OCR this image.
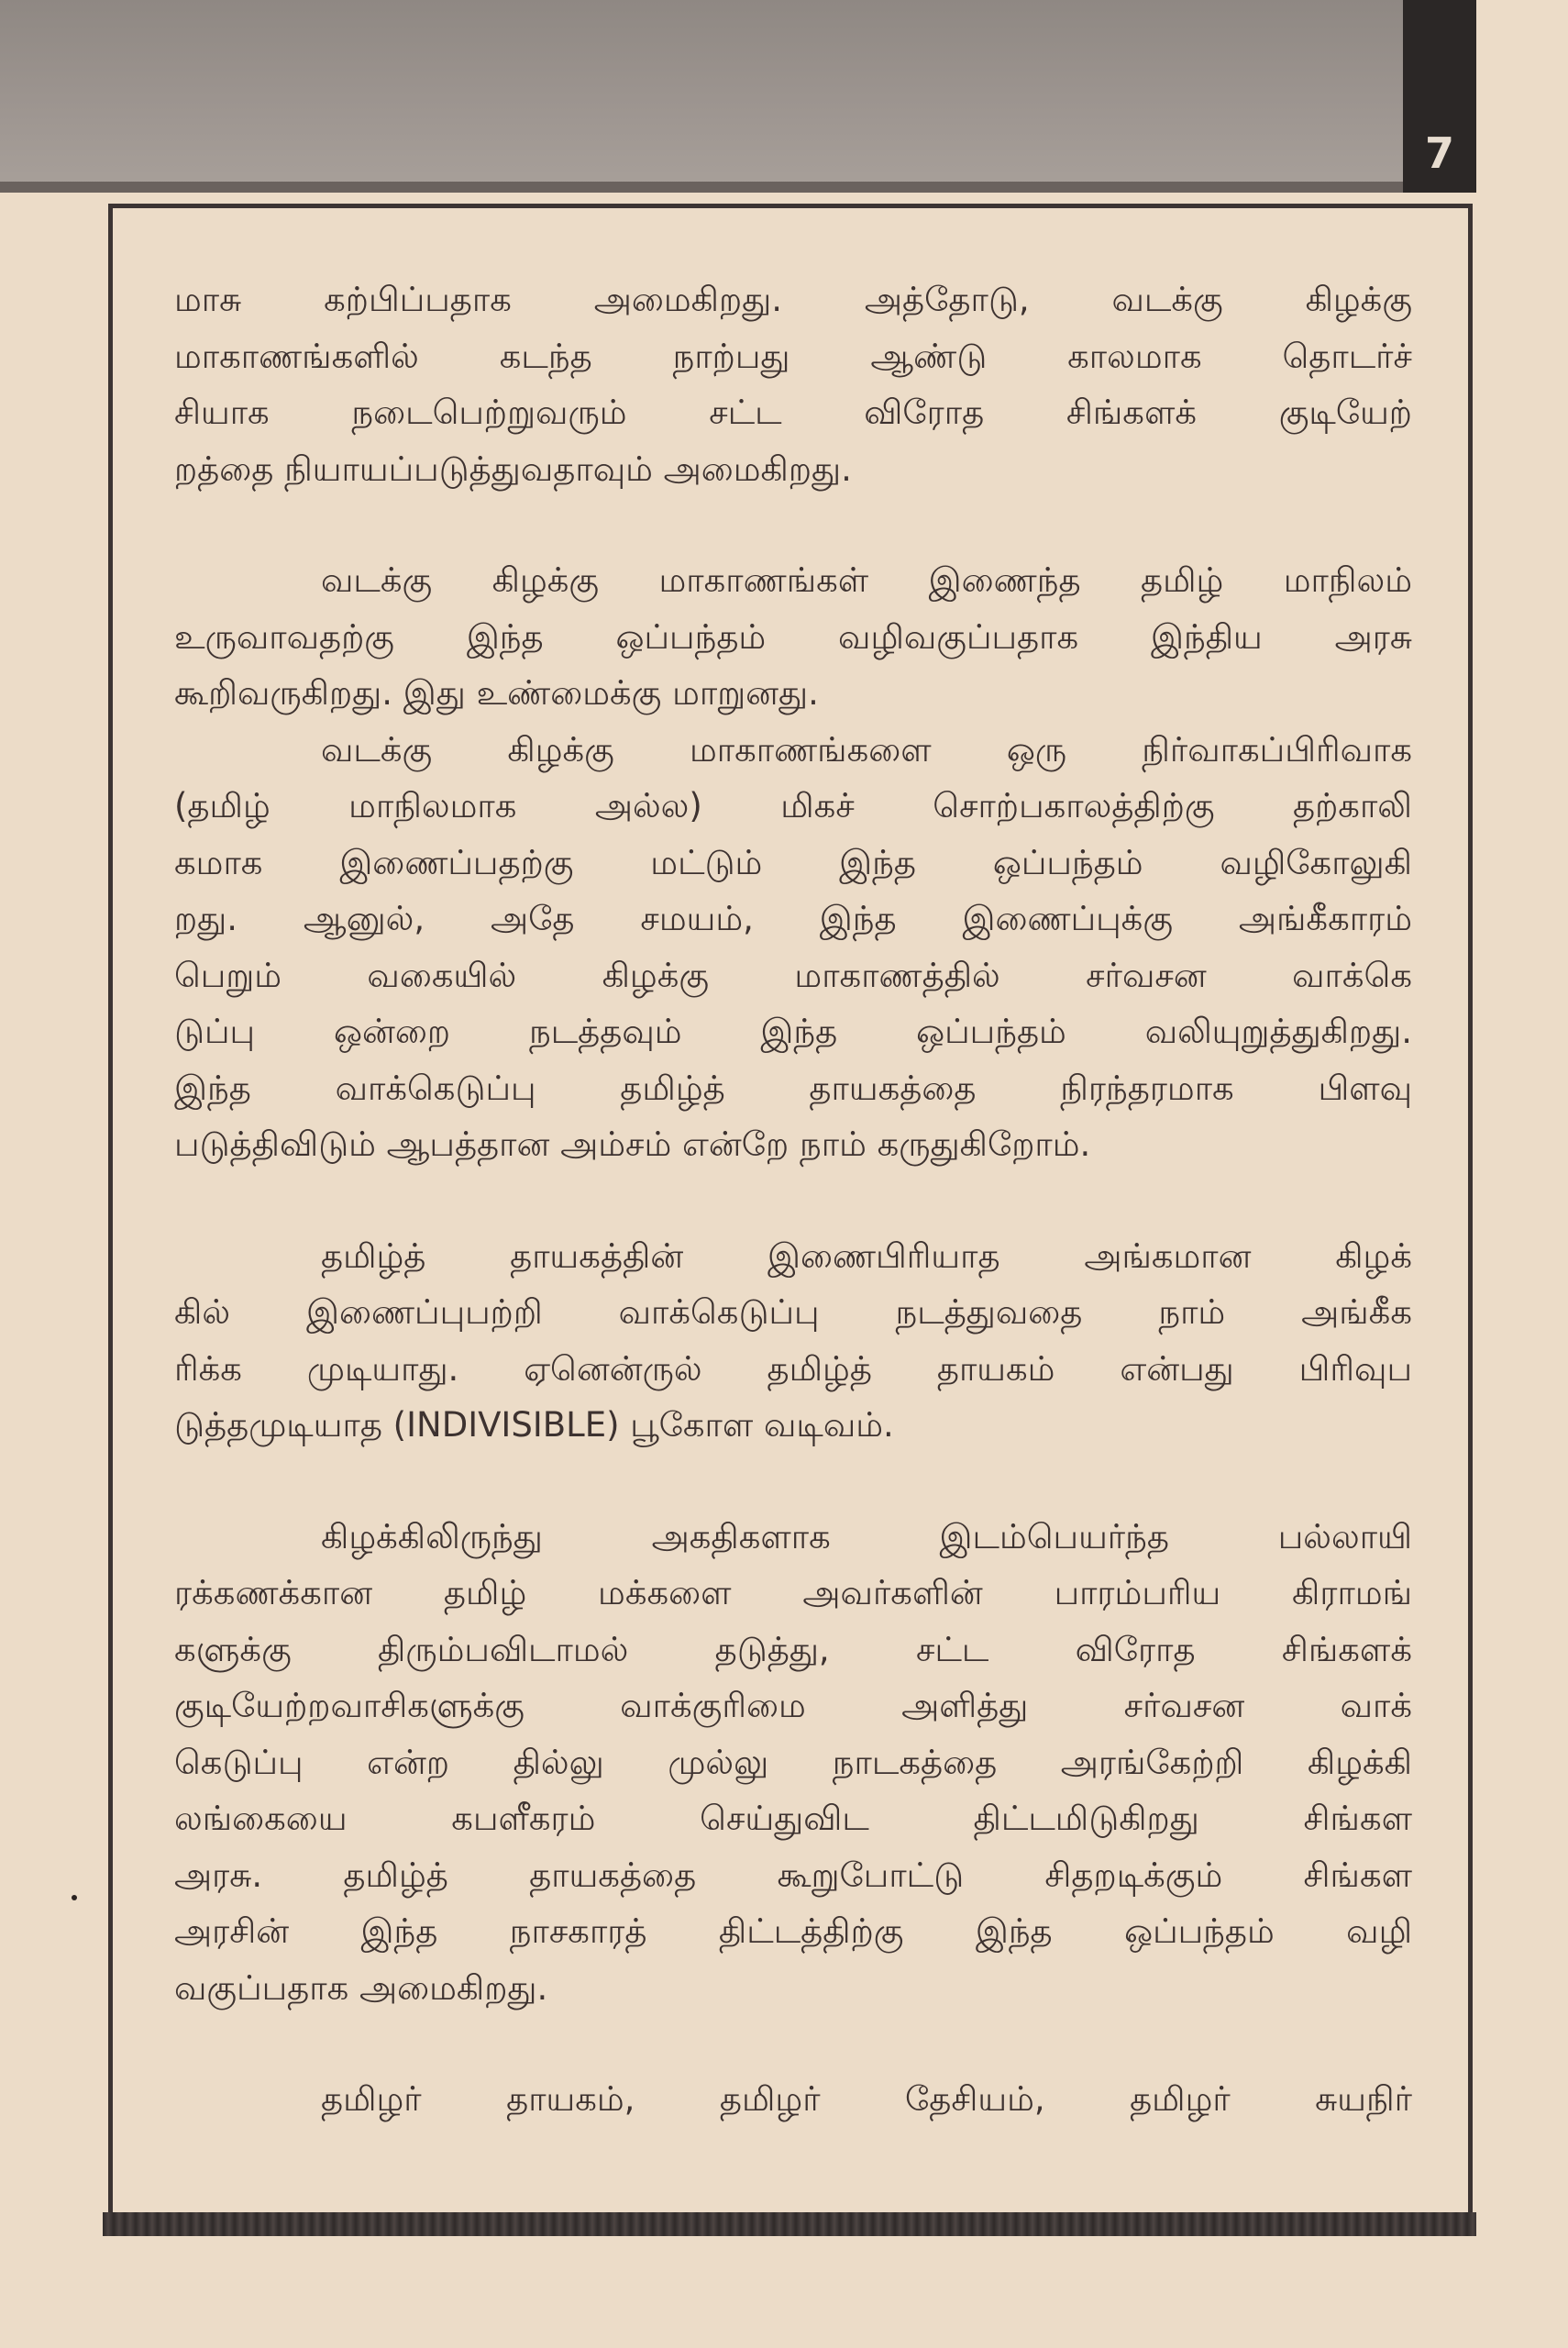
7

மாசு கற்பிப்பதாக அமைகிறது. அத்தோடு, வடக்கு கிழக்கு
மாகாணங்களில் கடந்த நாற்பது ஆண்டு காலமாக தொடர்ச்
சியாக நடைபெற்றுவரும் சட்ட விரோத சிங்களக் குடியேற்
றத்தை நியாயப்படுத்துவதாவும் அமைகிறது.

வடக்கு கிழக்கு மாகாணங்கள் இணைந்த தமிழ் மாநிலம்
உருவாவதற்கு இந்த ஒப்பந்தம் வழிவகுப்பதாக இந்திய அரசு
கூறிவருகிறது. இது உண்மைக்கு மாறுனது.

வடக்கு கிழக்கு மாகாணங்களை ஒரு நிர்வாகப்பிரிவாக
(தமிழ் மாநிலமாக அல்ல) மிகச் சொற்பகாலத்திற்கு தற்காலி
கமாக இணைப்பதற்கு மட்டும் இந்த ஒப்பந்தம் வழிகோலுகி
றது. ஆனுல், அதே சமயம், இந்த இணைப்புக்கு அங்கீகாரம்
பெறும் வகையில் கிழக்கு மாகாணத்தில் சர்வசன வாக்கெ
டுப்பு ஒன்றை நடத்தவும் இந்த ஒப்பந்தம் வலியுறுத்துகிறது.
இந்த வாக்கெடுப்பு தமிழ்த் தாயகத்தை நிரந்தரமாக பிளவு
படுத்திவிடும் ஆபத்தான அம்சம் என்றே நாம் கருதுகிறோம்.

தமிழ்த் தாயகத்தின் இணைபிரியாத அங்கமான கிழக்
கில் இணைப்புபற்றி வாக்கெடுப்பு நடத்துவதை நாம் அங்கீக
ரிக்க முடியாது. ஏனென்ருல் தமிழ்த் தாயகம் என்பது பிரிவுப
டுத்தமுடியாத (INDIVISIBLE) பூகோள வடிவம்.

கிழக்கிலிருந்து அகதிகளாக இடம்பெயர்ந்த பல்லாயி
ரக்கணக்கான தமிழ் மக்களை அவர்களின் பாரம்பரிய கிராமங்
களுக்கு திரும்பவிடாமல் தடுத்து, சட்ட விரோத சிங்களக்
குடியேற்றவாசிகளுக்கு வாக்குரிமை அளித்து சர்வசன வாக்
கெடுப்பு என்ற தில்லு முல்லு நாடகத்தை அரங்கேற்றி கிழக்கி
லங்கையை கபளீகரம் செய்துவிட திட்டமிடுகிறது சிங்கள
அரசு. தமிழ்த் தாயகத்தை கூறுபோட்டு சிதறடிக்கும் சிங்கள
அரசின் இந்த நாசகாரத் திட்டத்திற்கு இந்த ஒப்பந்தம் வழி
வகுப்பதாக அமைகிறது.

தமிழர் தாயகம், தமிழர் தேசியம், தமிழர் சுயநிர்
